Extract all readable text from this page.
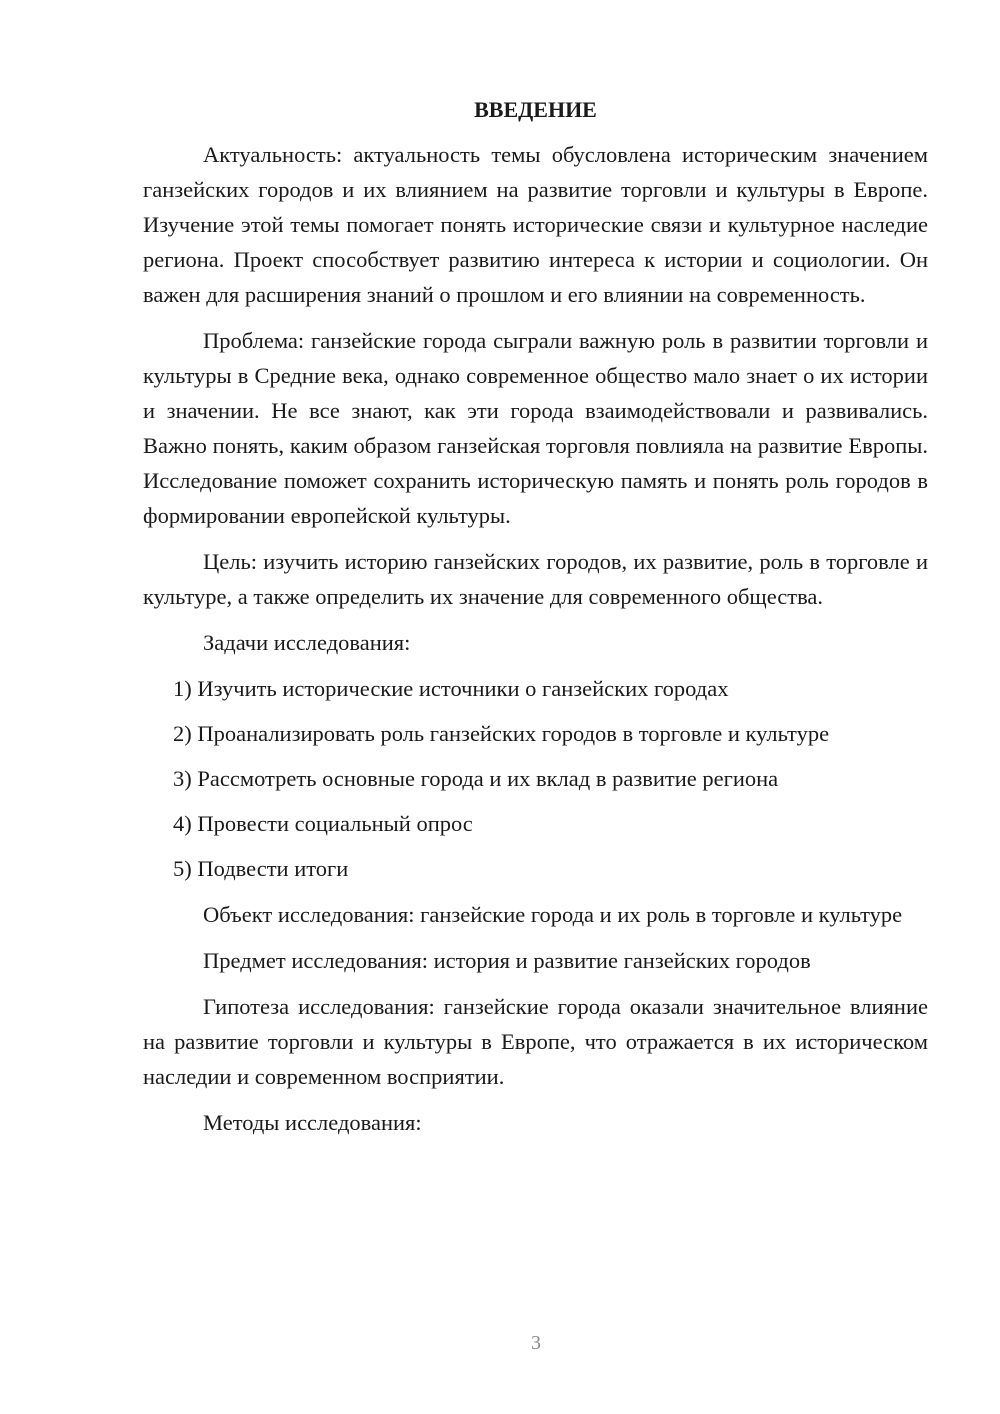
ВВЕДЕНИЕ

Актуальность: актуальность темы обусловлена историческим значением ганзейских городов и их влиянием на развитие торговли и культуры в Европе. Изучение этой темы помогает понять исторические связи и культурное наследие региона. Проект способствует развитию интереса к истории и социологии. Он важен для расширения знаний о прошлом и его влиянии на современность.

Проблема: ганзейские города сыграли важную роль в развитии торговли и культуры в Средние века, однако современное общество мало знает о их истории и значении. Не все знают, как эти города взаимодействовали и развивались. Важно понять, каким образом ганзейская торговля повлияла на развитие Европы. Исследование поможет сохранить историческую память и понять роль городов в формировании европейской культуры.

Цель: изучить историю ганзейских городов, их развитие, роль в торговле и культуре, а также определить их значение для современного общества.

Задачи исследования:

1) Изучить исторические источники о ганзейских городах
2) Проанализировать роль ганзейских городов в торговле и культуре
3) Рассмотреть основные города и их вклад в развитие региона
4) Провести социальный опрос
5) Подвести итоги

Объект исследования: ганзейские города и их роль в торговле и культуре

Предмет исследования: история и развитие ганзейских городов

Гипотеза исследования: ганзейские города оказали значительное влияние на развитие торговли и культуры в Европе, что отражается в их историческом наследии и современном восприятии.

Методы исследования:

3
